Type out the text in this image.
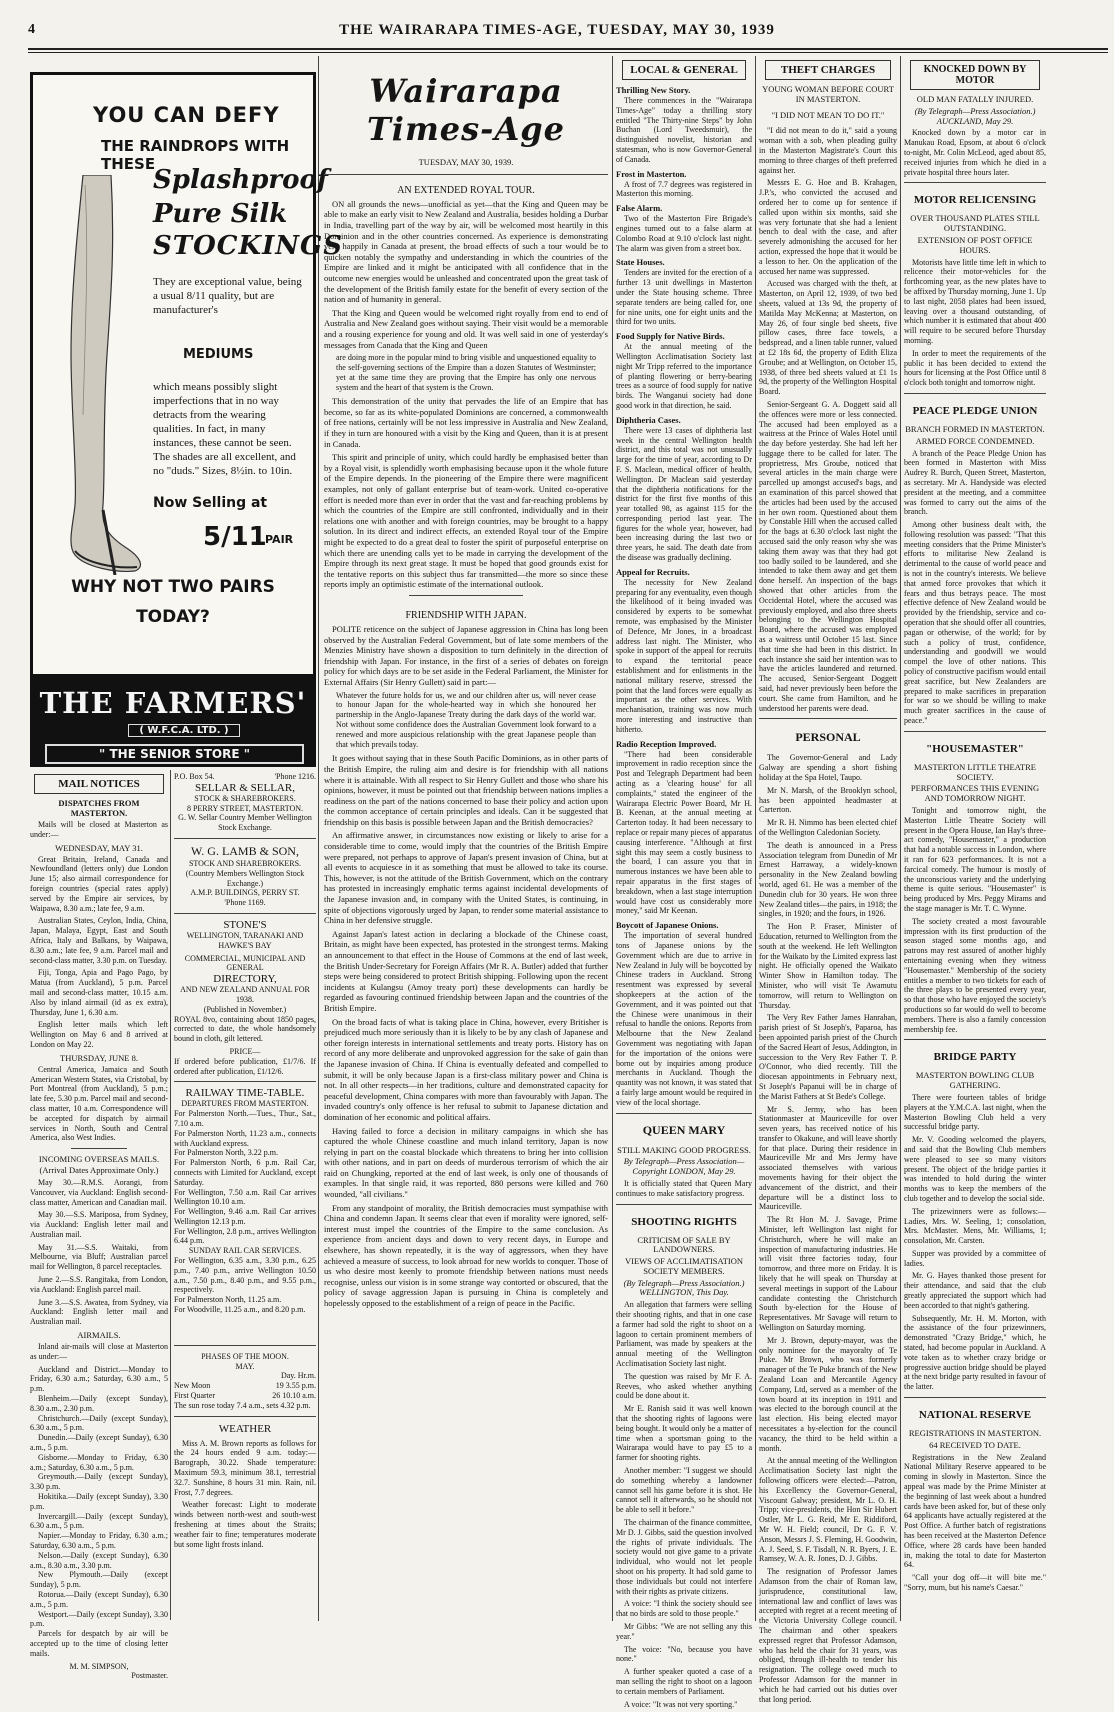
4	THE WAIRARAPA TIMES-AGE, TUESDAY, MAY 30, 1939
YOU CAN DEFY
THE RAINDROPS WITH THESE
Splashproof
Pure Silk
STOCKINGS
They are exceptional value, being a usual 8/11 quality, but are manufacturer's
MEDIUMS
which means possibly slight imperfections that in no way detracts from the wearing qualities. In fact, in many instances, these cannot be seen. The shades are all excellent, and no "duds." Sizes, 8½in. to 10in.
Now Selling at
5/11
PAIR
WHY NOT TWO PAIRS
TODAY?
THE FARMERS'
( W.F.C.A. LTD. )
" THE SENIOR STORE "
MAIL NOTICES
DISPATCHES FROM MASTERTON.

Mails will be closed at Masterton as under:—

WEDNESDAY, MAY 31.

Great Britain, Ireland, Canada and Newfoundland (letters only) due London June 15; also airmail correspondence for foreign countries (special rates apply) served by the Empire air services, by Waipawa, 8.30 a.m.; late fee, 9 a.m.

Australian States, Ceylon, India, China, Japan, Malaya, Egypt, East and South Africa, Italy and Balkans, by Waipawa, 8.30 a.m.; late fee, 9 a.m. Parcel mail and second-class matter, 3.30 p.m. on Tuesday.

Fiji, Tonga, Apia and Pago Pago, by Matua (from Auckland), 5 p.m. Parcel mail and second-class matter, 10.15 a.m. Also by inland airmail (id as ex extra), Thursday, June 1, 6.30 a.m.

English letter mails which left Wellington on May 6 and 8 arrived at London on May 22.

THURSDAY, JUNE 8.

Central America, Jamaica and South American Western States, via Cristobal, by Port Montreal (from Auckland), 5 p.m.; late fee, 5.30 p.m. Parcel mail and second-class matter, 10 a.m. Correspondence will be accepted for dispatch by airmail services in North, South and Central America, also West Indies.

INCOMING OVERSEAS MAILS.
(Arrival Dates Approximate Only.)

May 30.—R.M.S. Aorangi, from Vancouver, via Auckland: English second-class matter, American and Canadian mail.

May 30.—S.S. Mariposa, from Sydney, via Auckland: English letter mail and Australian mail.

May 31.—S.S. Waitaki, from Melbourne, via Bluff; Australian parcel mail for Wellington, 8 parcel receptacles.

June 2.—S.S. Rangitaka, from London, via Auckland: English parcel mail.

June 3.—S.S. Awatea, from Sydney, via Auckland: English letter mail and Australian mail.

AIRMAILS.

Inland air-mails will close at Masterton as under:—

Auckland and District.—Monday to Friday, 6.30 a.m.; Saturday, 6.30 a.m., 5 p.m.

Blenheim.—Daily (except Sunday), 8.30 a.m., 2.30 p.m.

Christchurch.—Daily (except Sunday), 6.30 a.m., 5 p.m.

Dunedin.—Daily (except Sunday), 6.30 a.m., 5 p.m.

Gisborne.—Monday to Friday, 6.30 a.m.; Saturday, 6.30 a.m., 5 p.m.

Greymouth.—Daily (except Sunday), 3.30 p.m.

Hokitika.—Daily (except Sunday), 3.30 p.m.

Invercargill.—Daily (except Sunday), 6.30 a.m., 5 p.m.

Napier.—Monday to Friday, 6.30 a.m.; Saturday, 6.30 a.m., 5 p.m.

Nelson.—Daily (except Sunday), 6.30 a.m., 8.30 a.m., 3.30 p.m.

New Plymouth.—Daily (except Sunday), 5 p.m.

Rotorua.—Daily (except Sunday), 6.30 a.m., 5 p.m.

Westport.—Daily (except Sunday), 3.30 p.m.

Parcels for despatch by air will be accepted up to the time of closing letter mails.

M. M. SIMPSON,
Postmaster.
P.O. Box 54.	'Phone 1216.
SELLAR & SELLAR,
STOCK & SHAREBROKERS.
8 PERRY STREET, MASTERTON.
G. W. Sellar Country Member Wellington Stock Exchange.
W. G. LAMB & SON,
STOCK AND SHAREBROKERS.
(Country Members Wellington Stock Exchange.)
A.M.P. BUILDINGS, PERRY ST.
'Phone 1169.
STONE'S
WELLINGTON, TARANAKI AND HAWKE'S BAY
COMMERCIAL, MUNICIPAL AND GENERAL
DIRECTORY,
AND NEW ZEALAND ANNUAL FOR 1938.
(Published in November.)

ROYAL 8vo, containing about 1850 pages, corrected to date, the whole handsomely bound in cloth, gilt lettered.

PRICE—

If ordered before publication, £1/7/6. If ordered after publication, £1/12/6.

RAILWAY TIME-TABLE.
DEPARTURES FROM MASTERTON.

For Palmerston North.—Tues., Thur., Sat., 7.10 a.m.

For Palmerston North, 11.23 a.m., connects with Auckland express.

For Palmerston North, 3.22 p.m.

For Palmerston North, 6 p.m. Rail Car, connects with Limited for Auckland, except Saturday.

For Wellington, 7.50 a.m. Rail Car arrives Wellington 10.10 a.m.

For Wellington, 9.46 a.m. Rail Car arrives Wellington 12.13 p.m.

For Wellington, 2.8 p.m., arrives Wellington 6.44 p.m.

SUNDAY RAIL CAR SERVICES.

For Wellington, 6.35 a.m., 3.30 p.m., 6.25 p.m., 7.40 p.m., arrive Wellington 10.50 a.m., 7.50 p.m., 8.40 p.m., and 9.55 p.m., respectively.

For Palmerston North, 11.25 a.m.

For Woodville, 11.25 a.m., and 8.20 p.m.

PHASES OF THE MOON.
MAY.
Day. Hr.m.
New Moon	19 3.55 p.m.
First Quarter	26 10.10 a.m.

The sun rose today 7.4 a.m., sets 4.32 p.m.

WEATHER

Miss A. M. Brown reports as follows for the 24 hours ended 9 a.m. today:—Barograph, 30.22. Shade temperature: Maximum 59.3, minimum 38.1, terrestrial 32.7. Sunshine, 8 hours 31 min. Rain, nil. Frost, 7.7 degrees.

Weather forecast: Light to moderate winds between north-west and south-west freshening at times about the Straits; weather fair to fine; temperatures moderate but some light frosts inland.

Wairarapa Times-Age
TUESDAY, MAY 30, 1939.
AN EXTENDED ROYAL TOUR.

ON all grounds the news—unofficial as yet—that the King and Queen may be able to make an early visit to New Zealand and Australia, besides holding a Durbar in India, travelling part of the way by air, will be welcomed most heartily in this Dominion and in the other countries concerned. As experience is demonstrating very happily in Canada at present, the broad effects of such a tour would be to quicken notably the sympathy and understanding in which the countries of the Empire are linked and it might be anticipated with all confidence that in the outcome new energies would be unleashed and concentrated upon the great task of the development of the British family estate for the benefit of every section of the nation and of humanity in general.

That the King and Queen would be welcomed right royally from end to end of Australia and New Zealand goes without saying. Their visit would be a memorable and a rousing experience for young and old. It was well said in one of yesterday's messages from Canada that the King and Queen

are doing more in the popular mind to bring visible and unquestioned equality to the self-governing sections of the Empire than a dozen Statutes of Westminster; yet at the same time they are proving that the Empire has only one nervous system and the heart of that system is the Crown.

This demonstration of the unity that pervades the life of an Empire that has become, so far as its white-populated Dominions are concerned, a commonwealth of free nations, certainly will be not less impressive in Australia and New Zealand, if they in turn are honoured with a visit by the King and Queen, than it is at present in Canada.

This spirit and principle of unity, which could hardly be emphasised better than by a Royal visit, is splendidly worth emphasising because upon it the whole future of the Empire depends. In the pioneering of the Empire there were magnificent examples, not only of gallant enterprise but of team-work. United co-operative effort is needed more than ever in order that the vast and far-reaching problems by which the countries of the Empire are still confronted, individually and in their relations one with another and with foreign countries, may be brought to a happy solution. In its direct and indirect effects, an extended Royal tour of the Empire might be expected to do a great deal to foster the spirit of purposeful enterprise on which there are unending calls yet to be made in carrying the development of the Empire through its next great stage. It must be hoped that good grounds exist for the tentative reports on this subject thus far transmitted—the more so since these reports imply an optimistic estimate of the international outlook.

FRIENDSHIP WITH JAPAN.

POLITE reticence on the subject of Japanese aggression in China has long been observed by the Australian Federal Government, but of late some members of the Menzies Ministry have shown a disposition to turn definitely in the direction of friendship with Japan. For instance, in the first of a series of debates on foreign policy for which days are to be set aside in the Federal Parliament, the Minister for External Affairs (Sir Henry Gullett) said in part:—

Whatever the future holds for us, we and our children after us, will never cease to honour Japan for the whole-hearted way in which she honoured her partnership in the Anglo-Japanese Treaty during the dark days of the world war. Not without some confidence does the Australian Government look forward to a renewed and more auspicious relationship with the great Japanese people than that which prevails today.

It goes without saying that in these South Pacific Dominions, as in other parts of the British Empire, the ruling aim and desire is for friendship with all nations where it is attainable. With all respect to Sir Henry Gullett and those who share his opinions, however, it must be pointed out that friendship between nations implies a readiness on the part of the nations concerned to base their policy and action upon the common acceptance of certain principles and ideals. Can it be suggested that friendship on this basis is possible between Japan and the British democracies?

An affirmative answer, in circumstances now existing or likely to arise for a considerable time to come, would imply that the countries of the British Empire were prepared, not perhaps to approve of Japan's present invasion of China, but at all events to acquiesce in it as something that must be allowed to take its course. This, however, is not the attitude of the British Government, which on the contrary has protested in increasingly emphatic terms against incidental developments of the Japanese invasion and, in company with the United States, is continuing, in spite of objections vigorously urged by Japan, to render some material assistance to China in her defensive struggle.

Against Japan's latest action in declaring a blockade of the Chinese coast, Britain, as might have been expected, has protested in the strongest terms. Making an announcement to that effect in the House of Commons at the end of last week, the British Under-Secretary for Foreign Affairs (Mr R. A. Butler) added that further steps were being considered to protect British shipping. Following upon the recent incidents at Kulangsu (Amoy treaty port) these developments can hardly be regarded as favouring continued friendship between Japan and the countries of the British Empire.

On the broad facts of what is taking place in China, however, every Britisher is prejudiced much more seriously than it is likely to be by any clash of Japanese and other foreign interests in international settlements and treaty ports. History has on record of any more deliberate and unprovoked aggression for the sake of gain than the Japanese invasion of China. If China is eventually defeated and compelled to submit, it will be only because Japan is a first-class military power and China is not. In all other respects—in her traditions, culture and demonstrated capacity for peaceful development, China compares with more than favourably with Japan. The invaded country's only offence is her refusal to submit to Japanese dictation and domination of her economic and political affairs.

Having failed to force a decision in military campaigns in which she has captured the whole Chinese coastline and much inland territory, Japan is now relying in part on the coastal blockade which threatens to bring her into collision with other nations, and in part on deeds of murderous terrorism of which the air raid on Chungking, reported at the end of last week, is only one of thousands of examples. In that single raid, it was reported, 880 persons were killed and 760 wounded, "all civilians."

From any standpoint of morality, the British democracies must sympathise with China and condemn Japan. It seems clear that even if morality were ignored, self-interest must impel the countries of the Empire to the same conclusion. As experience from ancient days and down to very recent days, in Europe and elsewhere, has shown repeatedly, it is the way of aggressors, when they have achieved a measure of success, to look abroad for new worlds to conquer. Those of us who desire most keenly to promote friendship between nations must needs recognise, unless our vision is in some strange way contorted or obscured, that the policy of savage aggression Japan is pursuing in China is completely and hopelessly opposed to the establishment of a reign of peace in the Pacific.

LOCAL & GENERAL
Thrilling New Story.

There commences in the "Wairarapa Times-Age" today a thrilling story entitled "The Thirty-nine Steps" by John Buchan (Lord Tweedsmuir), the distinguished novelist, historian and statesman, who is now Governor-General of Canada.

Frost in Masterton.

A frost of 7.7 degrees was registered in Masterton this morning.

False Alarm.

Two of the Masterton Fire Brigade's engines turned out to a false alarm at Colombo Road at 9.10 o'clock last night. The alarm was given from a street box.

State Houses.

Tenders are invited for the erection of a further 13 unit dwellings in Masterton under the State housing scheme. Three separate tenders are being called for, one for nine units, one for eight units and the third for two units.

Food Supply for Native Birds.

At the annual meeting of the Wellington Acclimatisation Society last night Mr Tripp referred to the importance of planting flowering or berry-bearing trees as a source of food supply for native birds. The Wanganui society had done good work in that direction, he said.

Diphtheria Cases.

There were 13 cases of diphtheria last week in the central Wellington health district, and this total was not unusually large for the time of year, according to Dr F. S. Maclean, medical officer of health, Wellington. Dr Maclean said yesterday that the diphtheria notifications for the district for the first five months of this year totalled 98, as against 115 for the corresponding period last year. The figures for the whole year, however, had been increasing during the last two or three years, he said. The death date from the disease was gradually declining.

Appeal for Recruits.

The necessity for New Zealand preparing for any eventuality, even though the likelihood of it being invaded was considered by experts to be somewhat remote, was emphasised by the Minister of Defence, Mr Jones, in a broadcast address last night. The Minister, who spoke in support of the appeal for recruits to expand the territorial peace establishment and for enlistments in the national military reserve, stressed the point that the land forces were equally as important as the other services. With mechanisation, training was now much more interesting and instructive than hitherto.

Radio Reception Improved.

"There had been considerable improvement in radio reception since the Post and Telegraph Department had been acting as a 'clearing house' for all complaints," stated the engineer of the Wairarapa Electric Power Board, Mr H. B. Keenan, at the annual meeting at Carterton today. It had been necessary to replace or repair many pieces of apparatus causing interference. "Although at first sight this may seem a costly business to the board, I can assure you that in numerous instances we have been able to repair apparatus in the first stages of breakdown, when a last stage interruption would have cost us considerably more money," said Mr Keenan.

Boycott of Japanese Onions.

The importation of several hundred tons of Japanese onions by the Government which are due to arrive in New Zealand in July will be boycotted by Chinese traders in Auckland. Strong resentment was expressed by several shopkeepers at the action of the Government, and it was pointed out that the Chinese were unanimous in their refusal to handle the onions. Reports from Melbourne that the New Zealand Government was negotiating with Japan for the importation of the onions were borne out by inquiries among produce merchants in Auckland. Though the quantity was not known, it was stated that a fairly large amount would be required in view of the local shortage.

QUEEN MARY
STILL MAKING GOOD PROGRESS.
By Telegraph—Press Association—Copyright LONDON, May 29.

It is officially stated that Queen Mary continues to make satisfactory progress.

SHOOTING RIGHTS
CRITICISM OF SALE BY LANDOWNERS.
VIEWS OF ACCLIMATISATION SOCIETY MEMBERS.
(By Telegraph—Press Association.) WELLINGTON, This Day.

An allegation that farmers were selling their shooting rights, and that in one case a farmer had sold the right to shoot on a lagoon to certain prominent members of Parliament, was made by speakers at the annual meeting of the Wellington Acclimatisation Society last night.

The question was raised by Mr F. A. Reeves, who asked whether anything could be done about it.

Mr E. Ranish said it was well known that the shooting rights of lagoons were being bought. It would only be a matter of time when a sportsman going to the Wairarapa would have to pay £5 to a farmer for shooting rights.

Another member: "I suggest we should do something whereby a landowner cannot sell his game before it is shot. He cannot sell it afterwards, so he should not be able to sell it before."

The chairman of the finance committee, Mr D. J. Gibbs, said the question involved the rights of private individuals. The society would not give game to a private individual, who would not let people shoot on his property. It had sold game to those individuals but could not interfere with their rights as private citizens.

A voice: "I think the society should see that no birds are sold to those people."

Mr Gibbs: "We are not selling any this year."

The voice: "No, because you have none."

A further speaker quoted a case of a man selling the right to shoot on a lagoon to certain members of Parliament.

A voice: "It was not very sporting."

THEFT CHARGES
YOUNG WOMAN BEFORE COURT IN MASTERTON.
"I DID NOT MEAN TO DO IT."

"I did not mean to do it," said a young woman with a sob, when pleading guilty in the Masterton Magistrate's Court this morning to three charges of theft preferred against her.

Messrs E. G. Hoe and B. Krahagen, J.P.'s, who convicted the accused and ordered her to come up for sentence if called upon within six months, said she was very fortunate that she had a lenient bench to deal with the case, and after severely admonishing the accused for her action, expressed the hope that it would be a lesson to her. On the application of the accused her name was suppressed.

Accused was charged with the theft, at Masterton, on April 12, 1939, of two bed sheets, valued at 13s 9d, the property of Matilda May McKenna; at Masterton, on May 26, of four single bed sheets, five pillow cases, three face towels, a bedspread, and a linen table runner, valued at £2 18s 6d, the property of Edith Eliza Groube; and at Wellington, on October 15, 1938, of three bed sheets valued at £1 1s 9d, the property of the Wellington Hospital Board.

Senior-Sergeant G. A. Doggett said all the offences were more or less connected. The accused had been employed as a waitress at the Prince of Wales Hotel until the day before yesterday. She had left her luggage there to be called for later. The proprietress, Mrs Groube, noticed that several articles in the main charge were parcelled up amongst accused's bags, and an examination of this parcel showed that the articles had been used by the accused in her own room. Questioned about them by Constable Hill when the accused called for the bags at 6.30 o'clock last night the accused said the only reason why she was taking them away was that they had got too badly soiled to be laundered, and she intended to take them away and get them done herself. An inspection of the bags showed that other articles from the Occidental Hotel, where the accused was previously employed, and also three sheets belonging to the Wellington Hospital Board, where the accused was employed as a waitress until October 15 last. Since that time she had been in this district. In each instance she said her intention was to have the articles laundered and returned. The accused, Senior-Sergeant Doggett said, had never previously been before the court. She came from Hamilton, and he understood her parents were dead.

PERSONAL

The Governor-General and Lady Galway are spending a short fishing holiday at the Spa Hotel, Taupo.

Mr N. Marsh, of the Brooklyn school, has been appointed headmaster at Carterton.

Mr R. H. Nimmo has been elected chief of the Wellington Caledonian Society.

The death is announced in a Press Association telegram from Dunedin of Mr Ernest Harraway, a widely-known personality in the New Zealand bowling world, aged 61. He was a member of the Dunedin club for 30 years. He won three New Zealand titles—the pairs, in 1918; the singles, in 1920; and the fours, in 1926.

The Hon P. Fraser, Minister of Education, returned to Wellington from the south at the weekend. He left Wellington for the Waikato by the Limited express last night. He officially opened the Waikato Winter Show in Hamilton today. The Minister, who will visit Te Awamutu tomorrow, will return to Wellington on Thursday.

The Very Rev Father James Hanrahan, parish priest of St Joseph's, Paparoa, has been appointed parish priest of the Church of the Sacred Heart of Jesus, Addington, in succession to the Very Rev Father T. P. O'Connor, who died recently. Till the diocesan appointments in February next, St Joseph's Papanui will be in charge of the Marist Fathers at St Bede's College.

Mr S. Jermy, who has been Stationmaster at Mauriceville for over seven years, has received notice of his transfer to Okakune, and will leave shortly for that place. During their residence in Mauriceville Mr and Mrs Jermy have associated themselves with various movements having for their object the advancement of the district, and their departure will be a distinct loss to Mauriceville.

The Rt Hon M. J. Savage, Prime Minister, left Wellington last night for Christchurch, where he will make an inspection of manufacturing industries. He will visit three factories today, four tomorrow, and three more on Friday. It is likely that he will speak on Thursday at several meetings in support of the Labour candidate contesting the Christchurch South by-election for the House of Representatives. Mr Savage will return to Wellington on Saturday morning.

Mr J. Brown, deputy-mayor, was the only nominee for the mayoralty of Te Puke. Mr Brown, who was formerly manager of the Te Puke branch of the New Zealand Loan and Mercantile Agency Company, Ltd, served as a member of the town board at its inception in 1911 and was elected to the borough council at the last election. His being elected mayor necessitates a by-election for the council vacancy, the third to be held within a month.

At the annual meeting of the Wellington Acclimatisation Society last night the following officers were elected:—Patron, his Excellency the Governor-General, Viscount Galway; president, Mr L. O. H. Tripp; vice-presidents, the Hon Sir Hubert Ostler, Mr L. G. Reid, Mr E. Riddiford, Mr W. H. Field; council, Dr G. F. V. Anson, Messrs J. S. Fleming, H. Goodwin, A. J. Seed, S. F. Tisdall, N. R. Byers, J. E. Ramsey, W. A. R. Jones, D. J. Gibbs.

The resignation of Professor James Adamson from the chair of Roman law, jurisprudence, constitutional law, international law and conflict of laws was accepted with regret at a recent meeting of the Victoria University College council. The chairman and other speakers expressed regret that Professor Adamson, who has held the chair for 31 years, was obliged, through ill-health to tender his resignation. The college owed much to Professor Adamson for the manner in which he had carried out his duties over that long period.

KNOCKED DOWN BY MOTOR
OLD MAN FATALLY INJURED.
(By Telegraph—Press Association.) AUCKLAND, May 29.

Knocked down by a motor car in Manukau Road, Epsom, at about 6 o'clock to-night, Mr. Colin McLeod, aged about 85, received injuries from which he died in a private hospital three hours later.

MOTOR RELICENSING
OVER THOUSAND PLATES STILL OUTSTANDING.
EXTENSION OF POST OFFICE HOURS.

Motorists have little time left in which to relicence their motor-vehicles for the forthcoming year, as the new plates have to be affixed by Thursday morning, June 1. Up to last night, 2058 plates had been issued, leaving over a thousand outstanding, of which number it is estimated that about 400 will require to be secured before Thursday morning.

In order to meet the requirements of the public it has been decided to extend the hours for licensing at the Post Office until 8 o'clock both tonight and tomorrow night.

PEACE PLEDGE UNION
BRANCH FORMED IN MASTERTON.
ARMED FORCE CONDEMNED.

A branch of the Peace Pledge Union has been formed in Masterton with Miss Audrey R. Burch, Queen Street, Masterton, as secretary. Mr A. Handyside was elected president at the meeting, and a committee was formed to carry out the aims of the branch.

Among other business dealt with, the following resolution was passed: "That this meeting considers that the Prime Minister's efforts to militarise New Zealand is detrimental to the cause of world peace and is not in the country's interests. We believe that armed force provokes that which it fears and thus betrays peace. The most effective defence of New Zealand would be provided by the friendship, service and co-operation that she should offer all countries, pagan or otherwise, of the world; for by such a policy of trust, confidence, understanding and goodwill we would compel the love of other nations. This policy of constructive pacifism would entail great sacrifice, but New Zealanders are prepared to make sacrifices in preparation for war so we should be willing to make much greater sacrifices in the cause of peace."

"HOUSEMASTER"
MASTERTON LITTLE THEATRE SOCIETY.
PERFORMANCES THIS EVENING AND TOMORROW NIGHT.

Tonight and tomorrow night, the Masterton Little Theatre Society will present in the Opera House, Ian Hay's three-act comedy, "Housemaster," a production that had a notable success in London, where it ran for 623 performances. It is not a farcical comedy. The humour is mostly of the unconscious variety and the underlying theme is quite serious. "Housemaster" is being produced by Mrs. Peggy Mirams and the stage manager is Mr. T. C. Wynne.

The society created a most favourable impression with its first production of the season staged some months ago, and patrons may rest assured of another highly entertaining evening when they witness "Housemaster." Membership of the society entitles a member to two tickets for each of the three plays to be presented every year, so that those who have enjoyed the society's productions so far would do well to become members. There is also a family concession membership fee.

BRIDGE PARTY
MASTERTON BOWLING CLUB GATHERING.

There were fourteen tables of bridge players at the Y.M.C.A. last night, when the Masterton Bowling Club held a very successful bridge party.

Mr. V. Gooding welcomed the players, and said that the Bowling Club members were pleased to see so many visitors present. The object of the bridge parties it was intended to hold during the winter months was to keep the members of the club together and to develop the social side.

The prizewinners were as follows:—Ladies, Mrs. W. Seeling, 1; consolation, Mrs. McMaster. Mens, Mr. Williams, 1; consolation, Mr. Carsten.

Supper was provided by a committee of ladies.

Mr. G. Hayes thanked those present for their attendance, and said that the club greatly appreciated the support which had been accorded to that night's gathering.

Subsequently, Mr. H. M. Morton, with the assistance of the four prizewinners, demonstrated "Crazy Bridge," which, he stated, had become popular in Auckland. A vote taken as to whether crazy bridge or progressive auction bridge should be played at the next bridge party resulted in favour of the latter.

NATIONAL RESERVE
REGISTRATIONS IN MASTERTON.
64 RECEIVED TO DATE.

Registrations in the New Zealand National Military Reserve appeared to be coming in slowly in Masterton. Since the appeal was made by the Prime Minister at the beginning of last week about a hundred cards have been asked for, but of these only 64 applicants have actually registered at the Post Office. A further batch of registrations has been received at the Masterton Defence Office, where 28 cards have been handed in, making the total to date for Masterton 64.

"Call your dog off—it will bite me." "Sorry, mum, but his name's Caesar."
